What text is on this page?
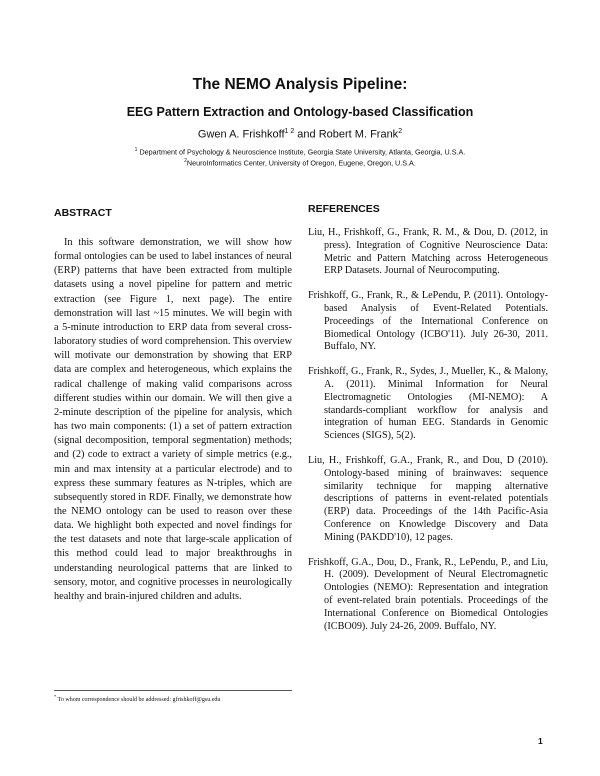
The NEMO Analysis Pipeline:
EEG Pattern Extraction and Ontology-based Classification
Gwen A. Frishkoff$^{1 2}$ and Robert M. Frank$^2$
$^1$ Department of Psychology & Neuroscience Institute, Georgia State University, Atlanta, Georgia, U.S.A.
$^2$NeuroInformatics Center, University of Oregon, Eugene, Oregon, U.S.A.
ABSTRACT
In this software demonstration, we will show how formal ontologies can be used to label instances of neural (ERP) patterns that have been extracted from multiple datasets using a novel pipeline for pattern and metric extraction (see Figure 1, next page). The entire demonstration will last ~15 minutes. We will begin with a 5-minute introduction to ERP data from several cross-laboratory studies of word comprehension. This overview will motivate our demonstration by showing that ERP data are complex and heterogeneous, which explains the radical challenge of making valid comparisons across different studies within our domain. We will then give a 2-minute description of the pipeline for analysis, which has two main components: (1) a set of pattern extraction (signal decomposition, temporal segmentation) methods; and (2) code to extract a variety of simple metrics (e.g., min and max intensity at a particular electrode) and to express these summary features as N-triples, which are subsequently stored in RDF. Finally, we demonstrate how the NEMO ontology can be used to reason over these data. We highlight both expected and novel findings for the test datasets and note that large-scale application of this method could lead to major breakthroughs in understanding neurological patterns that are linked to sensory, motor, and cognitive processes in neurologically healthy and brain-injured children and adults.
REFERENCES
Liu, H., Frishkoff, G., Frank, R. M., & Dou, D. (2012, in press). Integration of Cognitive Neuroscience Data: Metric and Pattern Matching across Heterogeneous ERP Datasets. Journal of Neurocomputing.
Frishkoff, G., Frank, R., & LePendu, P. (2011). Ontology-based Analysis of Event-Related Potentials. Proceedings of the International Conference on Biomedical Ontology (ICBO'11). July 26-30, 2011. Buffalo, NY.
Frishkoff, G., Frank, R., Sydes, J., Mueller, K., & Malony, A. (2011). Minimal Information for Neural Electromagnetic Ontologies (MI-NEMO): A standards-compliant workflow for analysis and integration of human EEG. Standards in Genomic Sciences (SIGS), 5(2).
Liu, H., Frishkoff, G.A., Frank, R., and Dou, D (2010). Ontology-based mining of brainwaves: sequence similarity technique for mapping alternative descriptions of patterns in event-related potentials (ERP) data. Proceedings of the 14th Pacific-Asia Conference on Knowledge Discovery and Data Mining (PAKDD'10), 12 pages.
Frishkoff, G.A., Dou, D., Frank, R., LePendu, P., and Liu, H. (2009). Development of Neural Electromagnetic Ontologies (NEMO): Representation and integration of event-related brain potentials. Proceedings of the International Conference on Biomedical Ontologies (ICBO09). July 24-26, 2009. Buffalo, NY.
* To whom correspondence should be addressed: gfrishkoff@gsu.edu
1
